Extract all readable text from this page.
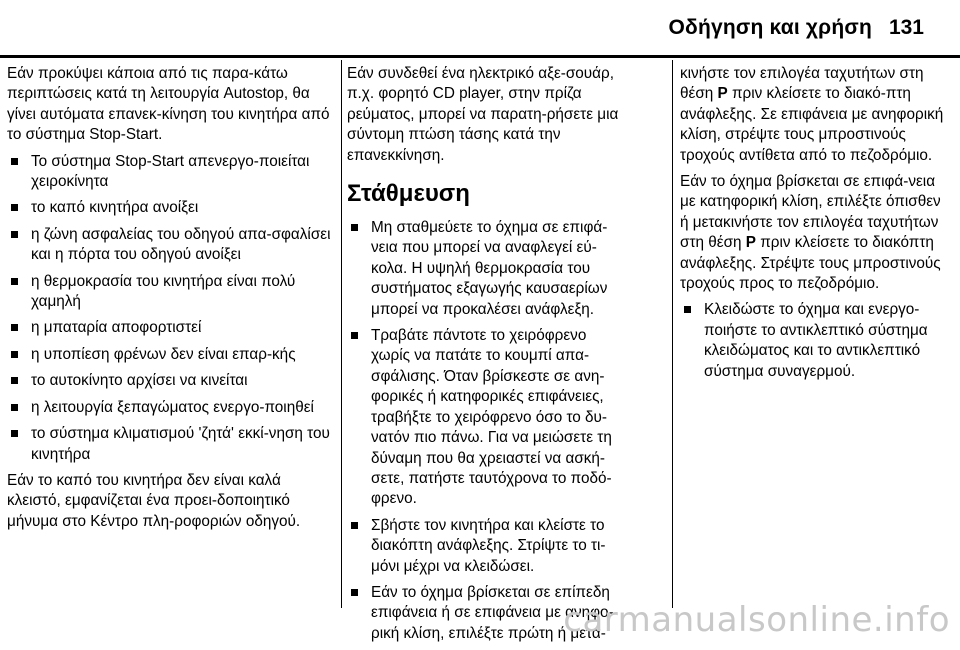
Οδήγηση και χρήση 131

Εάν προκύψει κάποια από τις παρα-κάτω περιπτώσεις κατά τη λειτουργία Autostop, θα γίνει αυτόματα επανεκ-κίνηση του κινητήρα από το σύστημα Stop-Start.

Το σύστημα Stop-Start απενεργο-ποιείται χειροκίνητα
το καπό κινητήρα ανοίξει
η ζώνη ασφαλείας του οδηγού απα-σφαλίσει και η πόρτα του οδηγού ανοίξει
η θερμοκρασία του κινητήρα είναι πολύ χαμηλή
η μπαταρία αποφορτιστεί
η υποπίεση φρένων δεν είναι επαρ-κής
το αυτοκίνητο αρχίσει να κινείται
η λειτουργία ξεπαγώματος ενεργο-ποιηθεί
το σύστημα κλιματισμού 'ζητά' εκκί-νηση του κινητήρα

Εάν το καπό του κινητήρα δεν είναι καλά κλειστό, εμφανίζεται ένα προει-δοποιητικό μήνυμα στο Κέντρο πλη-ροφοριών οδηγού.

Εάν συνδεθεί ένα ηλεκτρικό αξε-σουάρ, π.χ. φορητό CD player, στην πρίζα ρεύματος, μπορεί να παρατη-ρήσετε μια σύντομη πτώση τάσης κατά την επανεκκίνηση.

Στάθμευση
Μη σταθμεύετε το όχημα σε επιφά-νεια που μπορεί να αναφλεγεί εύ-κολα. Η υψηλή θερμοκρασία του συστήματος εξαγωγής καυσαερίων μπορεί να προκαλέσει ανάφλεξη.
Τραβάτε πάντοτε το χειρόφρενο χωρίς να πατάτε το κουμπί απα-σφάλισης. Όταν βρίσκεστε σε ανη-φορικές ή κατηφορικές επιφάνειες, τραβήξτε το χειρόφρενο όσο το δυ-νατόν πιο πάνω. Για να μειώσετε τη δύναμη που θα χρειαστεί να ασκή-σετε, πατήστε ταυτόχρονα το ποδό-φρενο.
Σβήστε τον κινητήρα και κλείστε το διακόπτη ανάφλεξης. Στρίψτε το τι-μόνι μέχρι να κλειδώσει.
Εάν το όχημα βρίσκεται σε επίπεδη επιφάνεια ή σε επιφάνεια με ανηφο-ρική κλίση, επιλέξτε πρώτη ή μετα-

κινήστε τον επιλογέα ταχυτήτων στη θέση P πριν κλείσετε το διακό-πτη ανάφλεξης. Σε επιφάνεια με ανηφορική κλίση, στρέψτε τους μπροστινούς τροχούς αντίθετα από το πεζοδρόμιο.

Εάν το όχημα βρίσκεται σε επιφά-νεια με κατηφορική κλίση, επιλέξτε όπισθεν ή μετακινήστε τον επιλογέα ταχυτήτων στη θέση P πριν κλείσετε το διακόπτη ανάφλεξης. Στρέψτε τους μπροστινούς τροχούς προς το πεζοδρόμιο.

Κλειδώστε το όχημα και ενεργο-ποιήστε το αντικλεπτικό σύστημα κλειδώματος και το αντικλεπτικό σύστημα συναγερμού.
carmanualsonline.info
